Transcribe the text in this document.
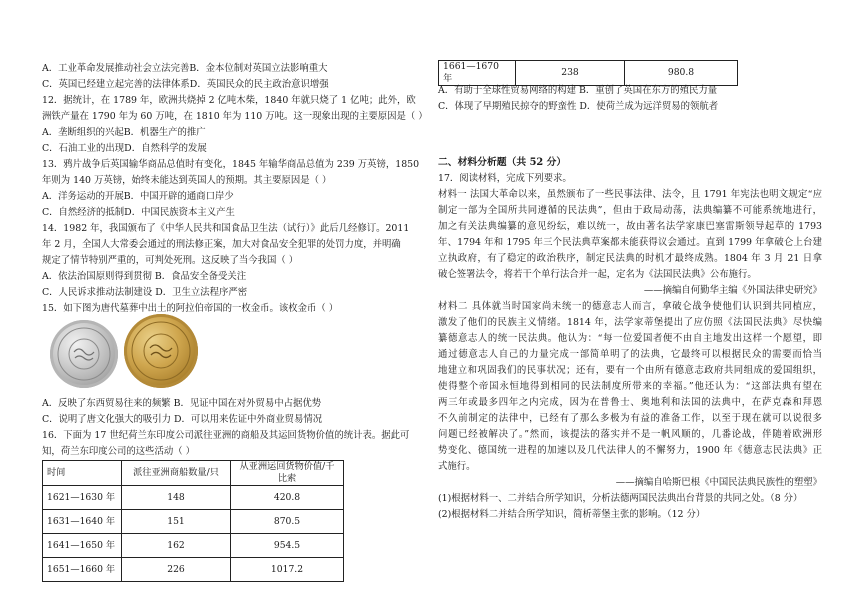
A．工业革命发展推动社会立法完善B．金本位制对英国立法影响重大
C．英国已经建立起完善的法律体系D．英国民众的民主政治意识增强
12．据统计，在 1789 年，欧洲共烧掉 2 亿吨木柴，1840 年就只烧了 1 亿吨；此外，欧
洲铁产量在 1790 年为 60 万吨，在 1810 年为 110 万吨。这一现象出现的主要原因是（ ）
A．垄断组织的兴起B．机器生产的推广
C．石油工业的出现D．自然科学的发展
13．鸦片战争后英国输华商品总值时有变化，1845 年输华商品总值为 239 万英镑，1850
年则为 140 万英镑，始终未能达到英国人的预期。其主要原因是（ ）
A．洋务运动的开展B．中国开辟的通商口岸少
C．自然经济的抵制D．中国民族资本主义产生
14．1982 年，我国颁布了《中华人民共和国食品卫生法（试行）》此后几经修订。2011
年 2 月，全国人大常委会通过的刑法修正案，加大对食品安全犯罪的处罚力度，并明确
规定了情节特别严重的，可判处死刑。这反映了当今我国（ ）
A．依法治国原则得到贯彻 B．食品安全备受关注
C．人民诉求推动法制建设 D．卫生立法程序严密
15．如下图为唐代墓葬中出土的阿拉伯帝国的一枚金币。该枚金币（ ）
A．反映了东西贸易往来的频繁 B．见证中国在对外贸易中占据优势
C．说明了唐文化强大的吸引力 D．可以用来佐证中外商业贸易情况
16．下面为 17 世纪荷兰东印度公司派往亚洲的商船及其运回货物价值的统计表。据此可
知，荷兰东印度公司的这些活动（ ）
时间	派往亚洲商船数量/只	从亚洲运回货物价值/千比索
1621—1630 年	148	420.8
1631—1640 年	151	870.5
1641—1650 年	162	954.5
1651—1660 年	226	1017.2
1661—1670 年	238	980.8
A．有助于全球性贸易网络的构建 B．重创了英国在东方的殖民力量
C．体现了早期殖民掠夺的野蛮性 D．使荷兰成为远洋贸易的领航者
二、材料分析题（共 52 分）
17．阅读材料，完成下列要求。
材料一 法国大革命以来，虽然颁布了一些民事法律、法令，且 1791 年宪法也明文规定“应
制定一部为全国所共同遵循的民法典”，但由于政局动荡，法典编纂不可能系统地进行，
加之有关法典编纂的意见纷纭，难以统一，故由著名法学家康巴塞雷斯领导起草的 1793
年、1794 年和 1795 年三个民法典草案都未能获得议会通过。直到 1799 年拿破仑上台建
立执政府，有了稳定的政治秩序，制定民法典的时机才最终成熟。1804 年 3 月 21 日拿
破仑签署法令，将若干个单行法合并一起，定名为《法国民法典》公布施行。
——摘编自何勤华主编《外国法律史研究》
材料二 具体就当时国家尚未统一的德意志人而言，拿破仑战争使他们认识到共同植应，
激发了他们的民族主义情绪。1814 年，法学家蒂堡提出了应仿照《法国民法典》尽快编
纂德意志人的统一民法典。他认为：“每一位爱国者便不由自主地发出这样一个愿望，即
通过德意志人自己的力量完成一部简单明了的法典，它最终可以根据民众的需要而恰当
地建立和巩固我们的民事状况；还有，要有一个由所有德意志政府共同组成的爱国组织，
使得整个帝国永恒地得到相同的民法制度所带来的幸福。”他还认为：“这部法典有望在
两三年或最多四年之内完成，因为在普鲁士、奥地利和法国的法典中，在萨克森和拜恩
不久前制定的法律中，已经有了那么多极为有益的准备工作，以至于现在就可以说很多
问题已经被解决了。”然而，该提法的落实并不是一帆风顺的，几番论战，伴随着欧洲形
势变化、德国统一进程的加速以及几代法律人的不懈努力，1900 年《德意志民法典》正
式施行。
——摘编自哈斯巴根《中国民法典民族性的塑塑》
(1)根据材料一、二并结合所学知识，分析法德两国民法典出台背景的共同之处。（8 分）
(2)根据材料二并结合所学知识，简析蒂堡主张的影响。（12 分）
